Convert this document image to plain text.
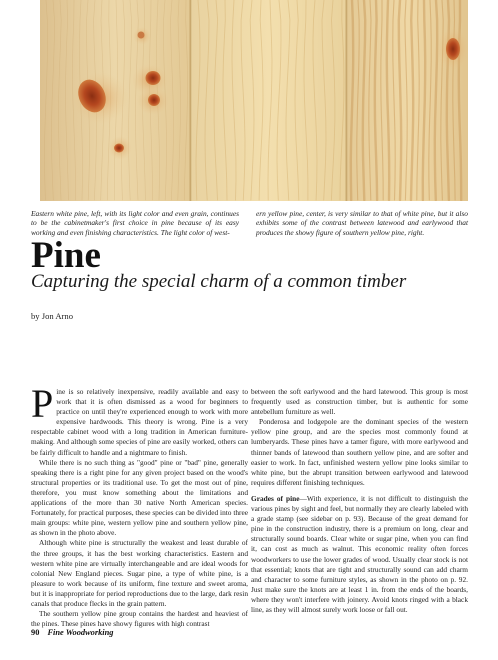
Eastern white pine, left, with its light color and even grain, continues to be the cabinetmaker's first choice in pine because of its easy working and even finishing characteristics. The light color of west-
ern yellow pine, center, is very similar to that of white pine, but it also exhibits some of the contrast between latewood and earlywood that produces the showy figure of southern yellow pine, right.
Pine
Capturing the special charm of a common timber
by Jon Arno

Pine is so relatively inexpensive, readily available and easy to work that it is often dismissed as a wood for beginners to practice on until they're experienced enough to work with more expensive hardwoods. This theory is wrong. Pine is a very respectable cabinet wood with a long tradition in American furniture-making. And although some species of pine are easily worked, others can be fairly difficult to handle and a nightmare to finish.

While there is no such thing as "good" pine or "bad" pine, generally speaking there is a right pine for any given project based on the wood's structural properties or its traditional use. To get the most out of pine, therefore, you must know something about the limitations and applications of the more than 30 native North American species. Fortunately, for practical purposes, these species can be divided into three main groups: white pine, western yellow pine and southern yellow pine, as shown in the photo above.

Although white pine is structurally the weakest and least durable of the three groups, it has the best working characteristics. Eastern and western white pine are virtually interchangeable and are ideal woods for colonial New England pieces. Sugar pine, a type of white pine, is a pleasure to work because of its uniform, fine texture and sweet aroma, but it is inappropriate for period reproductions due to the large, dark resin canals that produce flecks in the grain pattern.

The southern yellow pine group contains the hardest and heaviest of the pines. These pines have showy figures with high contrast

between the soft earlywood and the hard latewood. This group is most frequently used as construction timber, but is authentic for some antebellum furniture as well.

Ponderosa and lodgepole are the dominant species of the western yellow pine group, and are the species most commonly found at lumberyards. These pines have a tamer figure, with more earlywood and thinner bands of latewood than southern yellow pine, and are softer and easier to work. In fact, unfinished western yellow pine looks similar to white pine, but the abrupt transition between earlywood and latewood requires different finishing techniques.

Grades of pine—With experience, it is not difficult to distinguish the various pines by sight and feel, but normally they are clearly labeled with a grade stamp (see sidebar on p. 93). Because of the great demand for pine in the construction industry, there is a premium on long, clear and structurally sound boards. Clear white or sugar pine, when you can find it, can cost as much as walnut. This economic reality often forces woodworkers to use the lower grades of wood. Usually clear stock is not that essential; knots that are tight and structurally sound can add charm and character to some furniture styles, as shown in the photo on p. 92. Just make sure the knots are at least 1 in. from the ends of the boards, where they won't interfere with joinery. Avoid knots ringed with a black line, as they will almost surely work loose or fall out.

90 Fine Woodworking
